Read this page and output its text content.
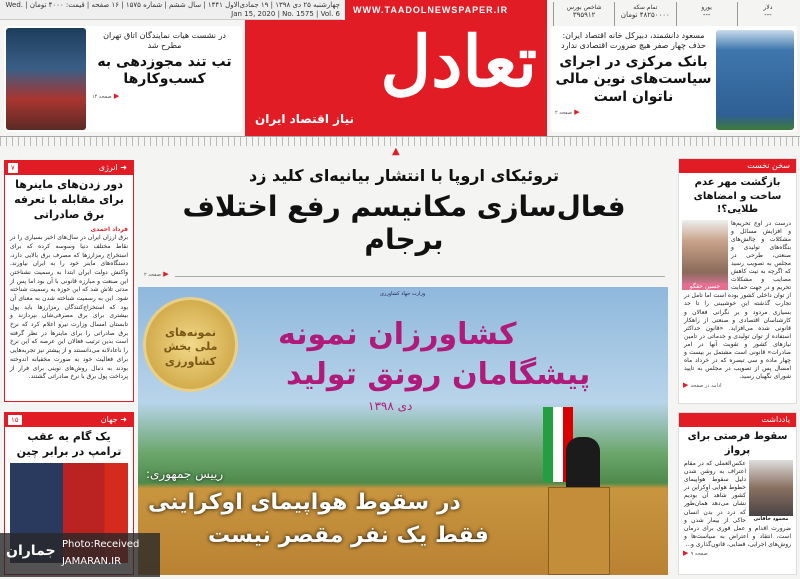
چهارشنبه ۲۵ دی ۱۳۹۸ | ۱۹ جمادی‌الاول ۱۴۴۱ | سال ششم | شماره ۱۵۷۵ | ۱۶ صفحه | قیمت: ۴۰۰۰ تومان | Wed. Jan 15, 2020 | No. 1575 | Vol. 6 WWW.TAADOLNEWSPAPER.IR	دلار
---
یورو
---
تمام سکه
۴۸۲۵۰۰۰۰ تومان
شاخص بورس
۳۹۵۹۱۲
تعادل
نیاز اقتصاد ایران
▲
در نشست هیات نمایندگان اتاق تهران مطرح شد
تب تند مجوزدهی به کسب‌وکارها
▶ صفحه ۱۴
مسعود دانشمند، دبیرکل خانه اقتصاد ایران: حذف چهار صفر هیچ ضرورت اقتصادی ندارد
بانک مرکزی در اجرای سیاست‌های نوین مالی ناتوان است
▶ صفحه ۲
تروئیکای اروپا با انتشار بیانیه‌ای کلید زد
فعال‌سازی مکانیسم رفع اختلاف برجام
▶ صفحه ۲
نمونه‌های ملی بخش کشاورزی
وزارت جهاد کشاورزی
کشاورزان نمونه
پیشگامان رونق تولید
دی ۱۳۹۸
رییس جمهوری:
در سقوط هواپیمای اوکراینی
فقط یک نفر مقصر نیست
➜ انرژی
۷
دور زدن‌های ماینرها برای مقابله با تعرفه برق صادراتی
فرداد احمدی
برق ارزان ایران در سال‌های اخیر بسیاری را در نقاط مختلف دنیا وسوسه کرده که برای استخراج رمزارزها که مصرف برق بالایی دارد، دستگاه‌های ماینر خود را به ایران بیاورند. واکنش دولت ایران ابتدا به رسمیت نشناختن این صنعت و مبارزه قانونی با آن بود اما پس از مدتی تلاش شد که این حوزه به رسمیت شناخته شود. این به رسمیت شناخته شدن به معنای آن بود که استخراج‌کنندگان رمزارزها باید پول بیشتری برای برق مصرفی‌شان بپردازند و تابستان امسال وزارت نیرو اعلام کرد که نرخ برق صادراتی را برای ماینرها در نظر گرفته است بدین ترتیب فعالان این عرصه که این نرخ را ناعادلانه می‌دانستند و از پیشتر نیز تجربه‌هایی برای فعالیت خود به صورت مخفیانه اندوخته بودند به دنبال روش‌های نوینی برای فرار از پرداخت پول برق با نرخ صادراتی گشتند.
➜ جهان
۱۵
یک گام به عقب ترامپ در برابر چین
سخن نخست
بازگشت مهر عدم ساخت و امضاهای طلایی؟!
حسین حقگو
درست در اوج تحریم‌ها و افزایش مسائل و مشکلات و چالش‌های بنگاه‌های تولیدی و صنعتی، طرحی در مجلس به تصویب رسید که اگرچه به نیت کاهش مصایب و مشکلات تحریم و در جهت حمایت از توان داخلی کشور بوده است اما تامل در تجارب گذشته این خوشبینی را تا حد بسیاری مردود و بر نگرانی فعالان و کارشناسان اقتصادی و صنعتی از راهکار قانونی شده می‌افزاید. «قانون حداکثر استفاده از توان تولیدی و خدماتی در تامین نیازهای کشور و تقویت آنها در امر صادرات» قانونی است مشتمل بر بیست و چهار ماده و سی تبصره که در خرداد ماه امسال پس از تصویب در مجلس به تایید شورای نگهبان رسید.
▶ ادامه در صفحه
یادداشت
سقوط فرصتی برای پرواز
محمود خاقانی
عکس‌العملی که در مقام اعتراف به روشن شدن دلیل سقوط هواپیمای خطوط هوایی اوکراین در کشور شاهد آن بودیم نشان می‌دهد همان‌طور که درد در بدن انسان حاکی از بیمار شدن و ضرورت اقدام و عمل فوری برای درمان است، انتقاد و اعتراض به سیاست‌ها و روش‌های اجرایی، قضایی، قانون‌گذاری و...
▶ صفحه ۹
جماران Photo:Received
JAMARAN.IR
